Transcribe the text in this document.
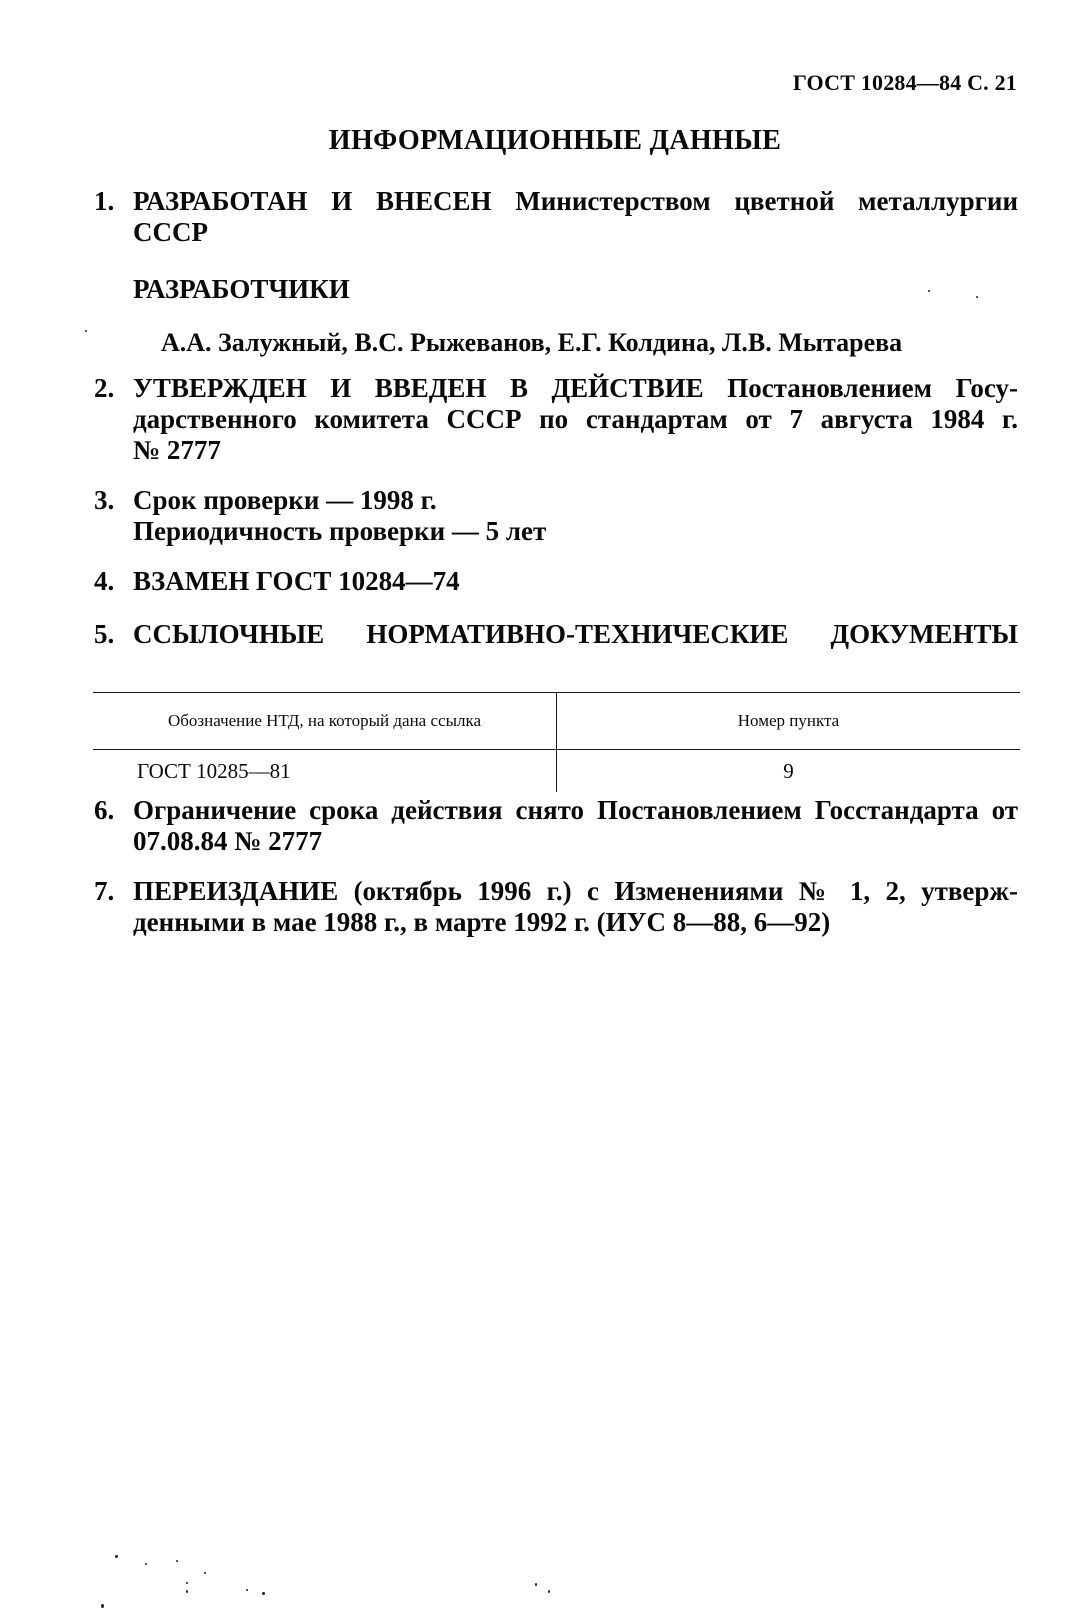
ГОСТ 10284—84 С. 21
ИНФОРМАЦИОННЫЕ ДАННЫЕ
1. РАЗРАБОТАН И ВНЕСЕН Министерством цветной металлургии
СССР
РАЗРАБОТЧИКИ
А.А. Залужный, В.С. Рыжеванов, Е.Г. Колдина, Л.В. Мытарева
2. УТВЕРЖДЕН И ВВЕДЕН В ДЕЙСТВИЕ Постановлением Госу-
дарственного комитета СССР по стандартам от 7 августа 1984 г.
№ 2777
3. Срок проверки — 1998 г.
Периодичность проверки — 5 лет
4. ВЗАМЕН ГОСТ 10284—74
5. ССЫЛОЧНЫЕ НОРМАТИВНО-ТЕХНИЧЕСКИЕ ДОКУМЕНТЫ
Обозначение НТД, на который дана ссылка	Номер пункта
ГОСТ 10285—81	9
6. Ограничение срока действия снято Постановлением Госстандарта от
07.08.84 № 2777
7. ПЕРЕИЗДАНИЕ (октябрь 1996 г.) с Изменениями № 1, 2, утверж-
денными в мае 1988 г., в марте 1992 г. (ИУС 8—88, 6—92)
